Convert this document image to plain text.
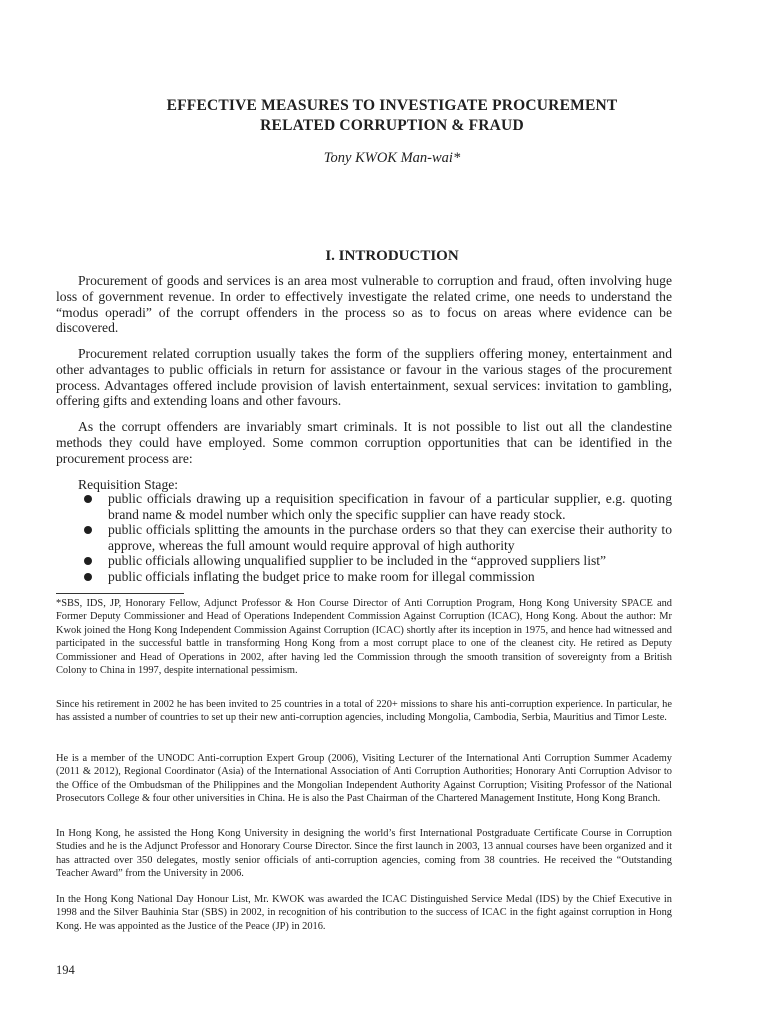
EFFECTIVE MEASURES TO INVESTIGATE PROCUREMENT
RELATED CORRUPTION & FRAUD

Tony KWOK Man-wai*

I. INTRODUCTION

Procurement of goods and services is an area most vulnerable to corruption and fraud, often involving huge loss of government revenue. In order to effectively investigate the related crime, one needs to understand the “modus operadi” of the corrupt offenders in the process so as to focus on areas where evidence can be discovered.

Procurement related corruption usually takes the form of the suppliers offering money, entertainment and other advantages to public officials in return for assistance or favour in the various stages of the procurement process. Advantages offered include provision of lavish entertainment, sexual services: invitation to gambling, offering gifts and extending loans and other favours.

As the corrupt offenders are invariably smart criminals. It is not possible to list out all the clandestine methods they could have employed. Some common corruption opportunities that can be identified in the procurement process are:

Requisition Stage:

public officials drawing up a requisition specification in favour of a particular supplier, e.g. quoting brand name & model number which only the specific supplier can have ready stock.
public officials splitting the amounts in the purchase orders so that they can exercise their authority to approve, whereas the full amount would require approval of high authority
public officials allowing unqualified supplier to be included in the “approved suppliers list”
public officials inflating the budget price to make room for illegal commission

*SBS, IDS, JP, Honorary Fellow, Adjunct Professor & Hon Course Director of Anti Corruption Program, Hong Kong University SPACE and Former Deputy Commissioner and Head of Operations Independent Commission Against Corruption (ICAC), Hong Kong. About the author: Mr Kwok joined the Hong Kong Independent Commission Against Corruption (ICAC) shortly after its inception in 1975, and hence had witnessed and participated in the successful battle in transforming Hong Kong from a most corrupt place to one of the cleanest city. He retired as Deputy Commissioner and Head of Operations in 2002, after having led the Commission through the smooth transition of sovereignty from a British Colony to China in 1997, despite international pessimism.

Since his retirement in 2002 he has been invited to 25 countries in a total of 220+ missions to share his anti-corruption experience. In particular, he has assisted a number of countries to set up their new anti-corruption agencies, including Mongolia, Cambodia, Serbia, Mauritius and Timor Leste.

He is a member of the UNODC Anti-corruption Expert Group (2006), Visiting Lecturer of the International Anti Corruption Summer Academy (2011 & 2012), Regional Coordinator (Asia) of the International Association of Anti Corruption Authorities; Honorary Anti Corruption Advisor to the Office of the Ombudsman of the Philippines and the Mongolian Independent Authority Against Corruption; Visiting Professor of the National Prosecutors College & four other universities in China. He is also the Past Chairman of the Chartered Management Institute, Hong Kong Branch.

In Hong Kong, he assisted the Hong Kong University in designing the world’s first International Postgraduate Certificate Course in Corruption Studies and he is the Adjunct Professor and Honorary Course Director. Since the first launch in 2003, 13 annual courses have been organized and it has attracted over 350 delegates, mostly senior officials of anti-corruption agencies, coming from 38 countries. He received the “Outstanding Teacher Award” from the University in 2006.

In the Hong Kong National Day Honour List, Mr. KWOK was awarded the ICAC Distinguished Service Medal (IDS) by the Chief Executive in 1998 and the Silver Bauhinia Star (SBS) in 2002, in recognition of his contribution to the success of ICAC in the fight against corruption in Hong Kong. He was appointed as the Justice of the Peace (JP) in 2016.

194
